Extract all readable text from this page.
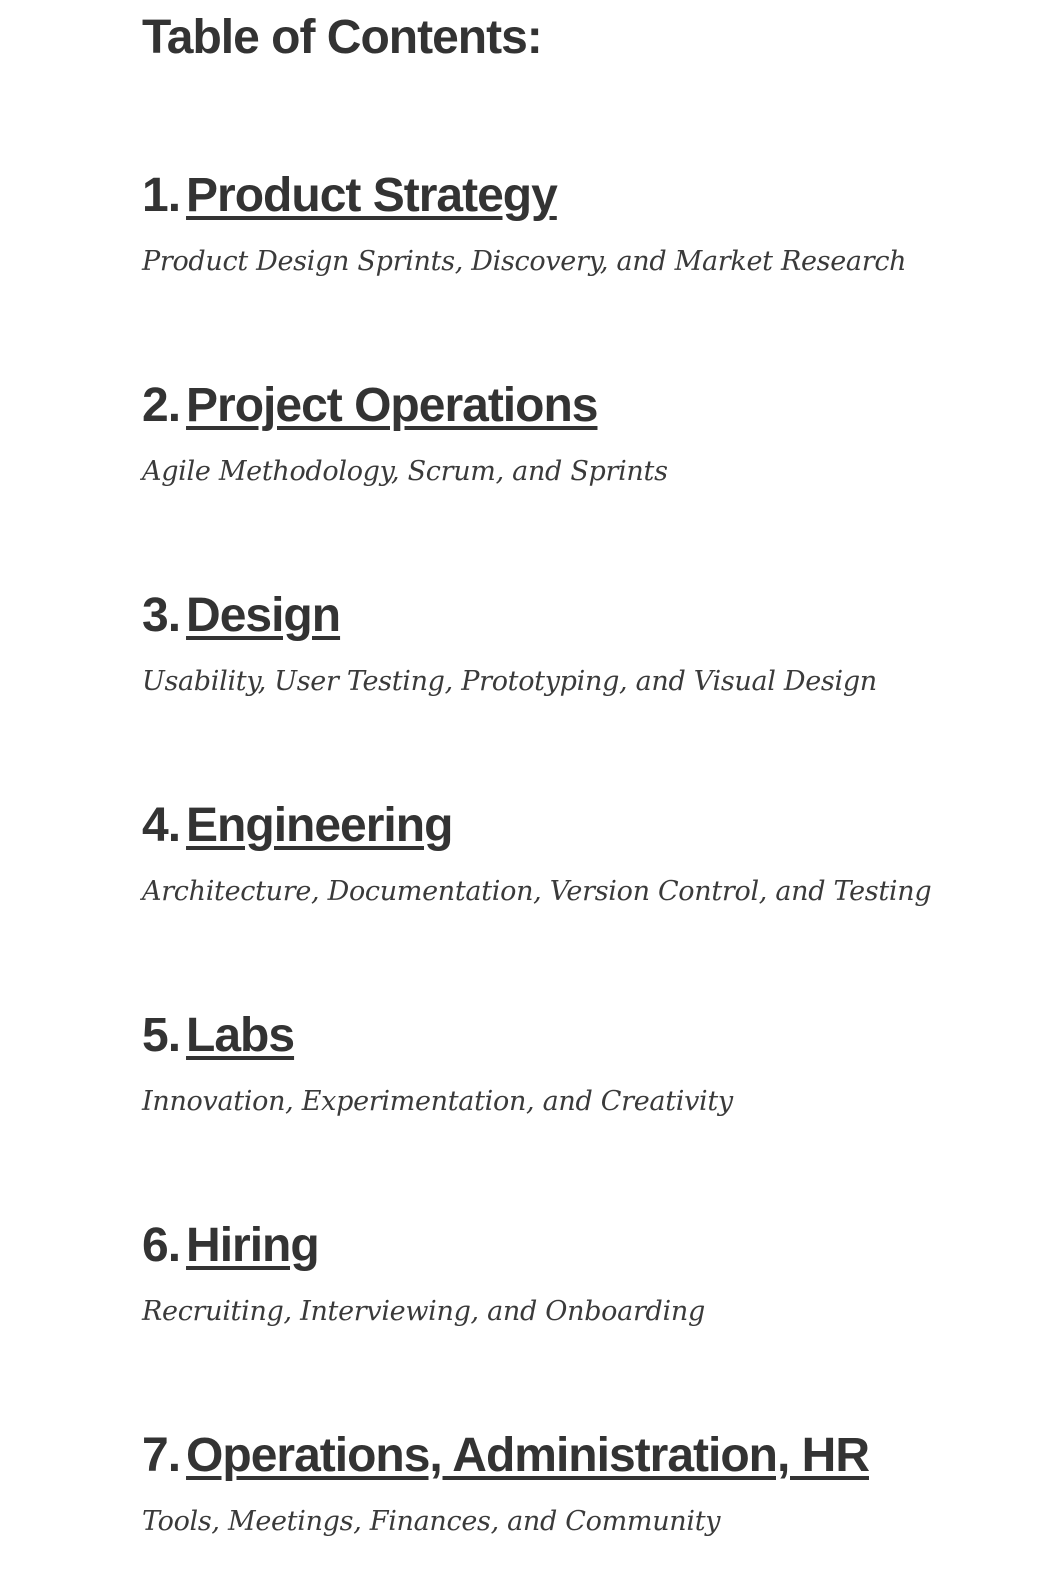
Table of Contents:
1. Product Strategy

Product Design Sprints, Discovery, and Market Research

2. Project Operations

Agile Methodology, Scrum, and Sprints

3. Design

Usability, User Testing, Prototyping, and Visual Design

4. Engineering

Architecture, Documentation, Version Control, and Testing

5. Labs

Innovation, Experimentation, and Creativity

6. Hiring

Recruiting, Interviewing, and Onboarding

7. Operations, Administration, HR

Tools, Meetings, Finances, and Community
